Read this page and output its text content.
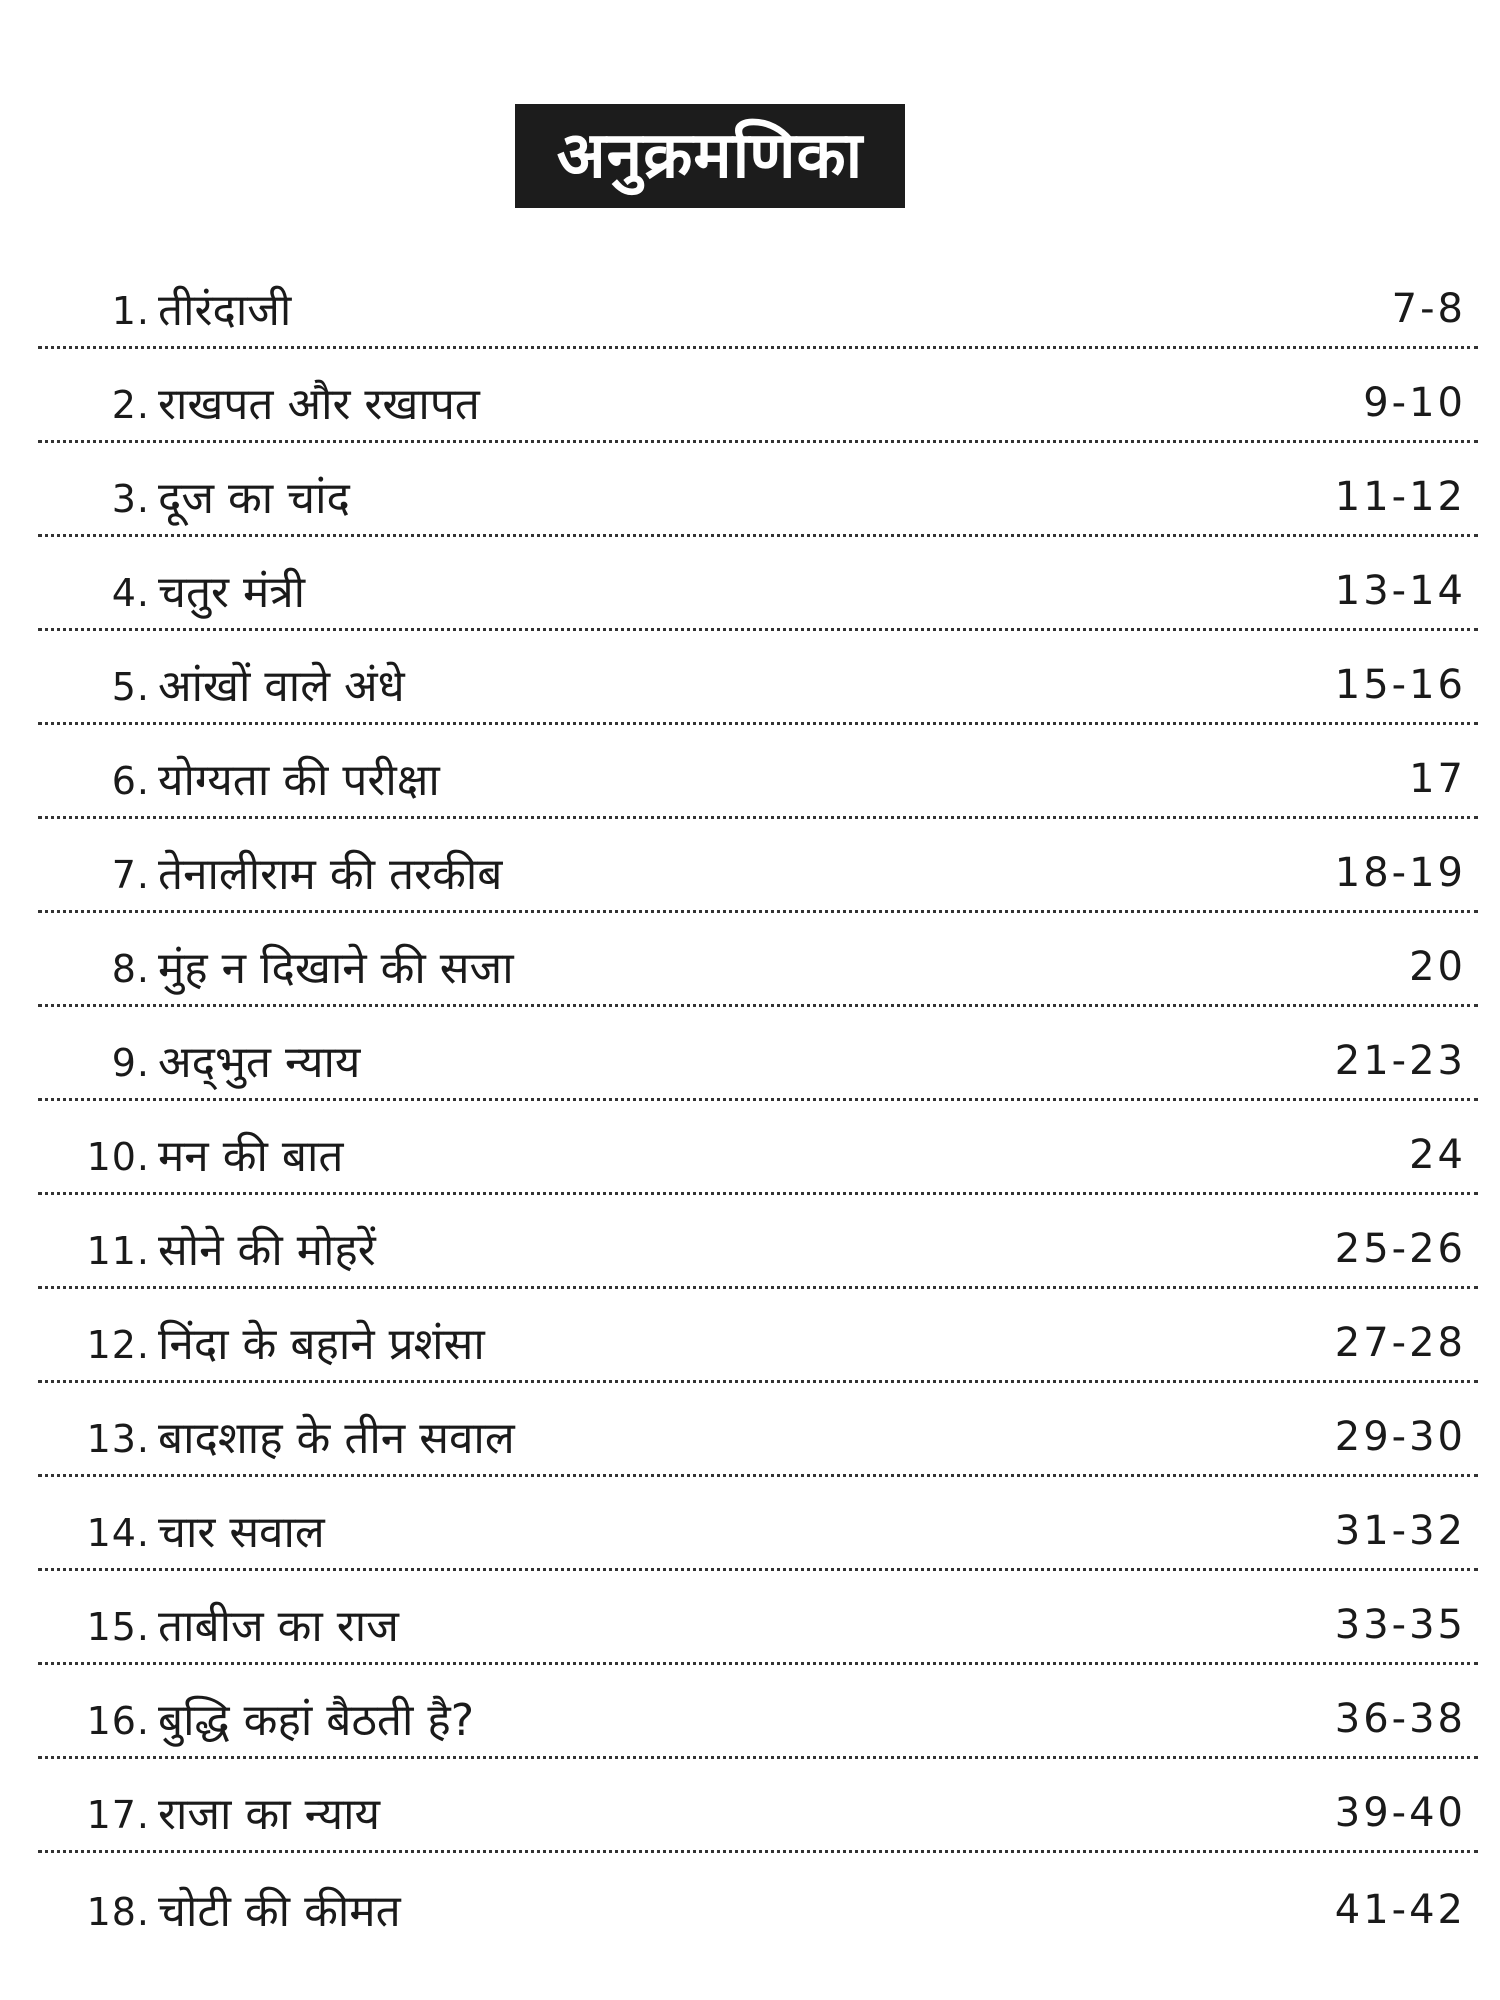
अनुक्रमणिका
1. तीरंदाजी	7-8
2. राखपत और रखापत	9-10
3. दूज का चांद	11-12
4. चतुर मंत्री	13-14
5. आंखों वाले अंधे	15-16
6. योग्यता की परीक्षा	17
7. तेनालीराम की तरकीब	18-19
8. मुंह न दिखाने की सजा	20
9. अद्‌भुत न्याय	21-23
10. मन की बात	24
11. सोने की मोहरें	25-26
12. निंदा के बहाने प्रशंसा	27-28
13. बादशाह के तीन सवाल	29-30
14. चार सवाल	31-32
15. ताबीज का राज	33-35
16. बुद्धि कहां बैठती है?	36-38
17. राजा का न्याय	39-40
18. चोटी की कीमत	41-42
